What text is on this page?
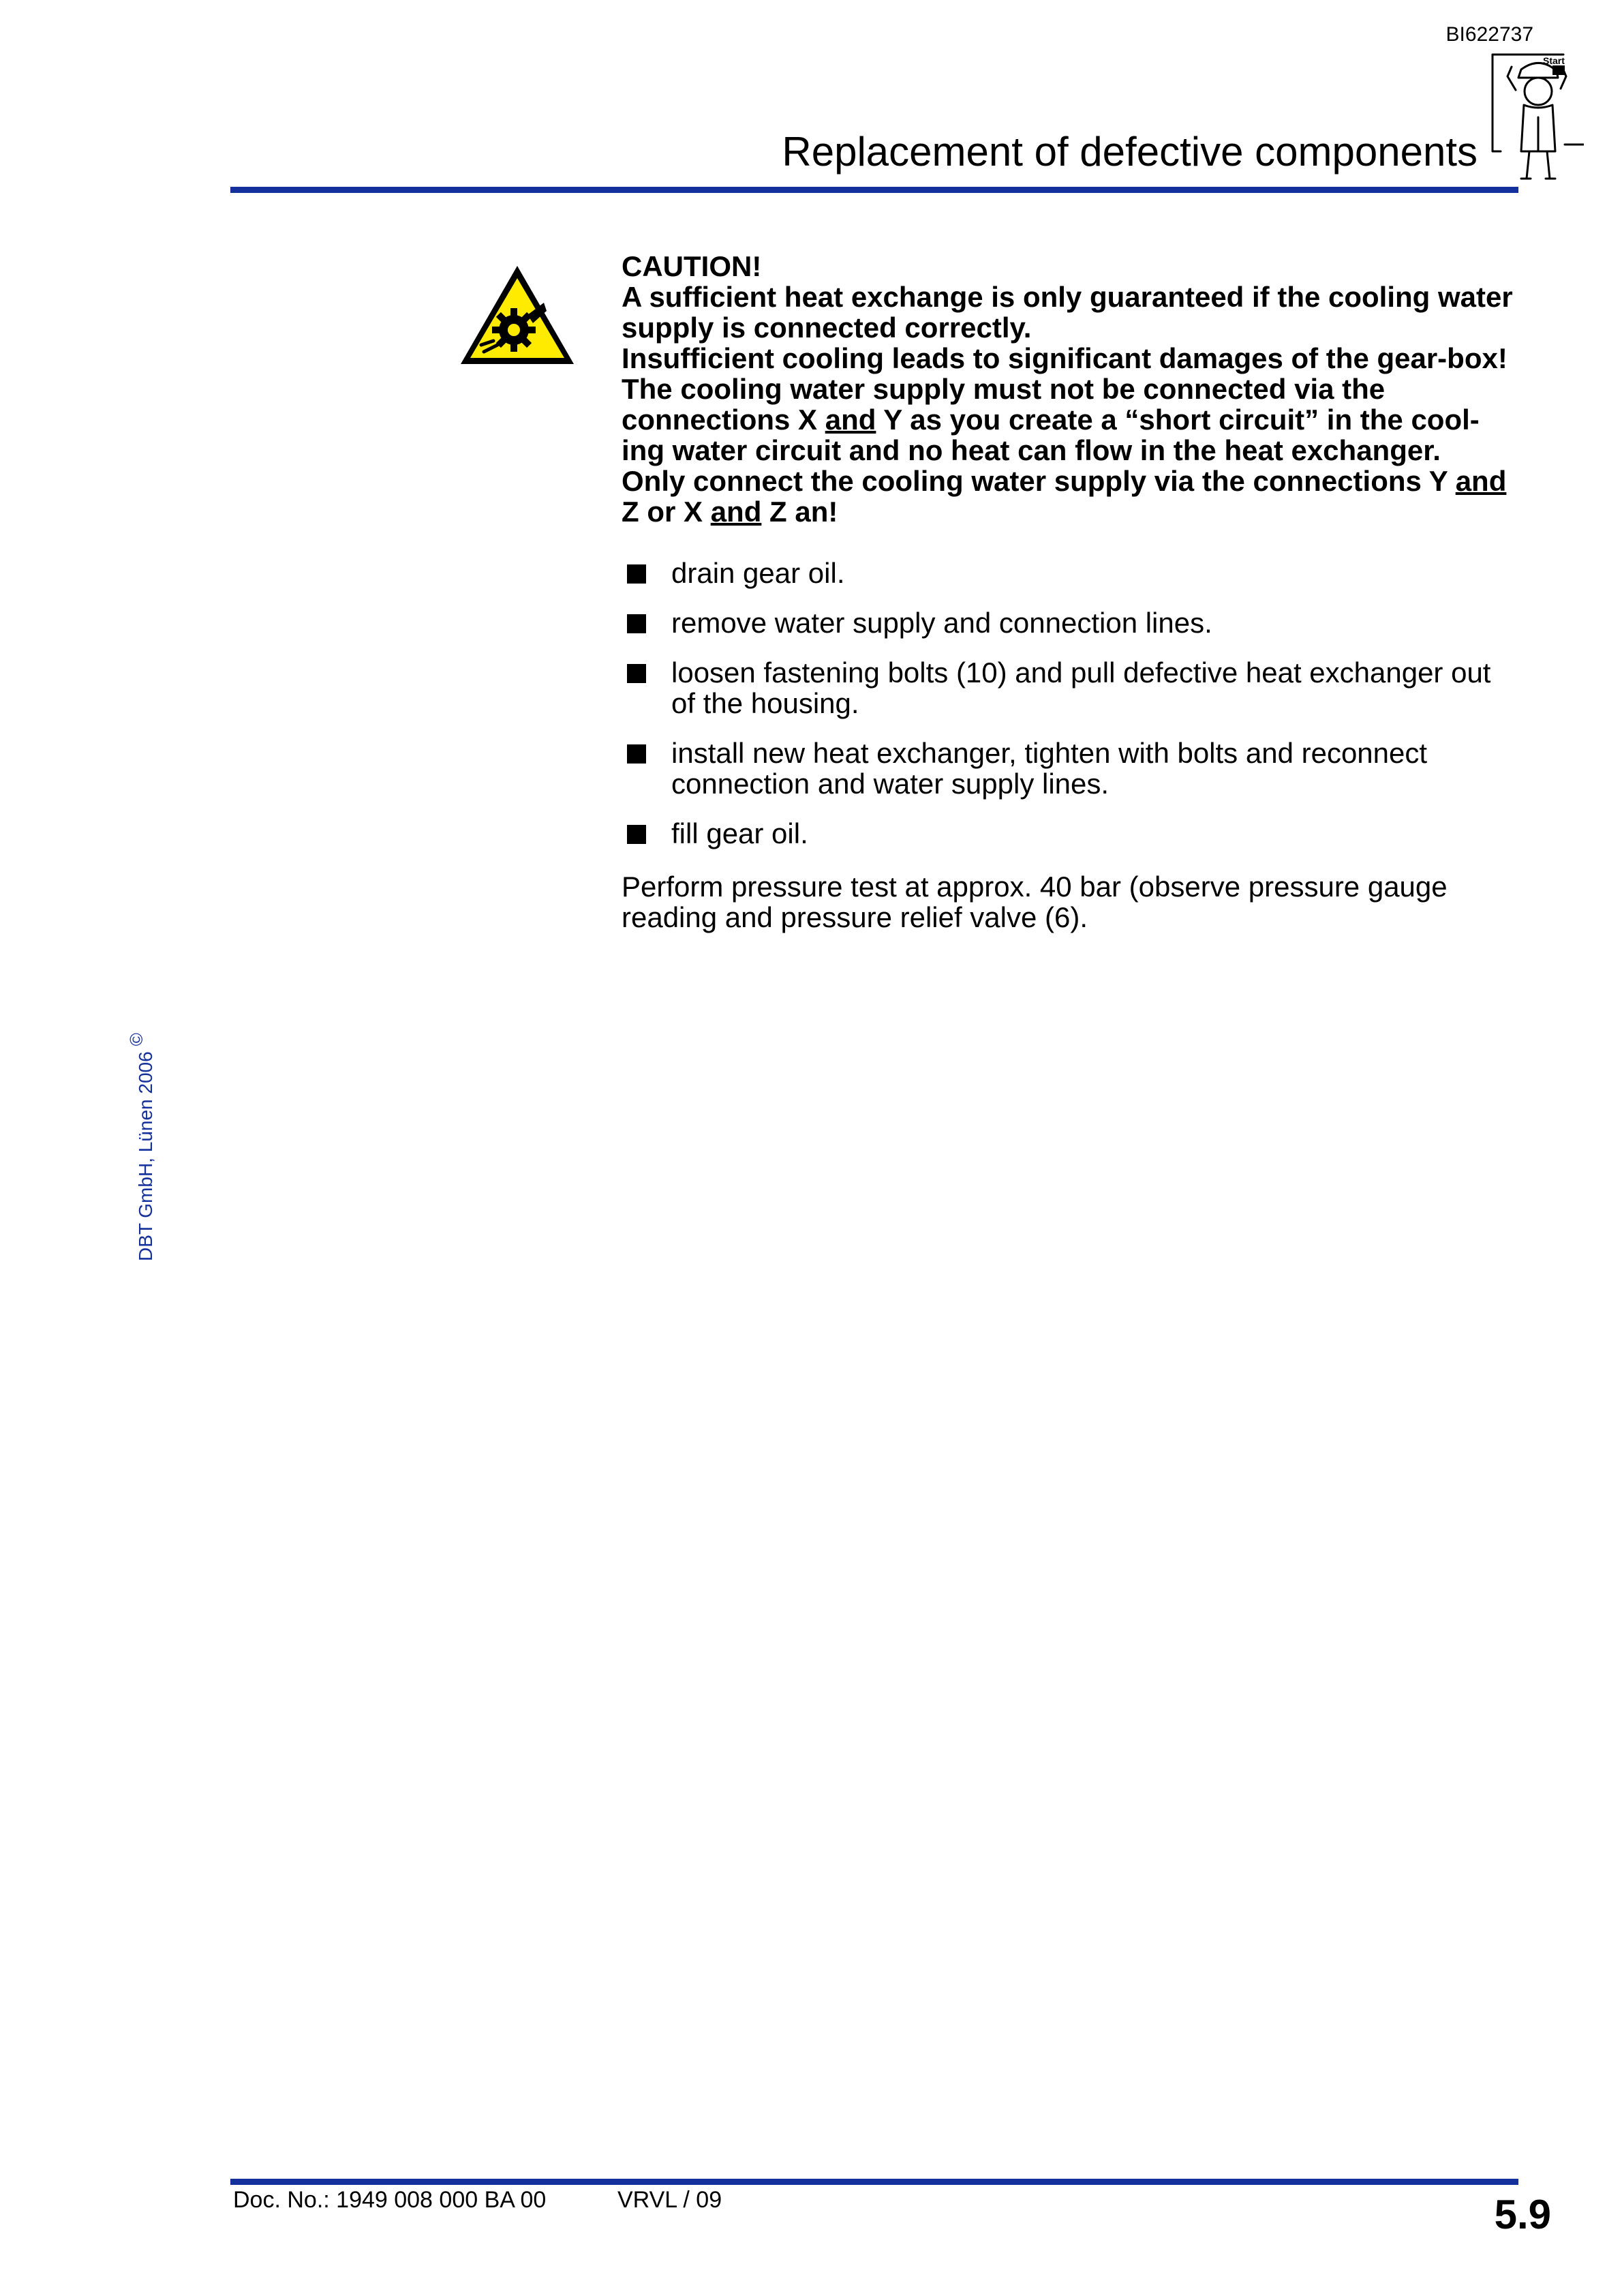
BI622737
Start
Replacement of defective components

CAUTION!

A sufficient heat exchange is only guaranteed if the cooling water supply is connected correctly.

Insufficient cooling leads to significant damages of the gear-box! The cooling water supply must not be connected via the connections X and Y as you create a “short circuit” in the cool-ing water circuit and no heat can flow in the heat exchanger.

Only connect the cooling water supply via the connections Y and Z or X and Z an!

drain gear oil.
remove water supply and connection lines.
loosen fastening bolts (10) and pull defective heat exchanger out of the housing.
install new heat exchanger, tighten with bolts and reconnect connection and water supply lines.
fill gear oil.

Perform pressure test at approx. 40 bar (observe pressure gauge reading and pressure relief valve (6).

DBT GmbH, Lünen 2006©
Doc. No.: 1949 008 000 BA 00	VRVL / 09	5.9
